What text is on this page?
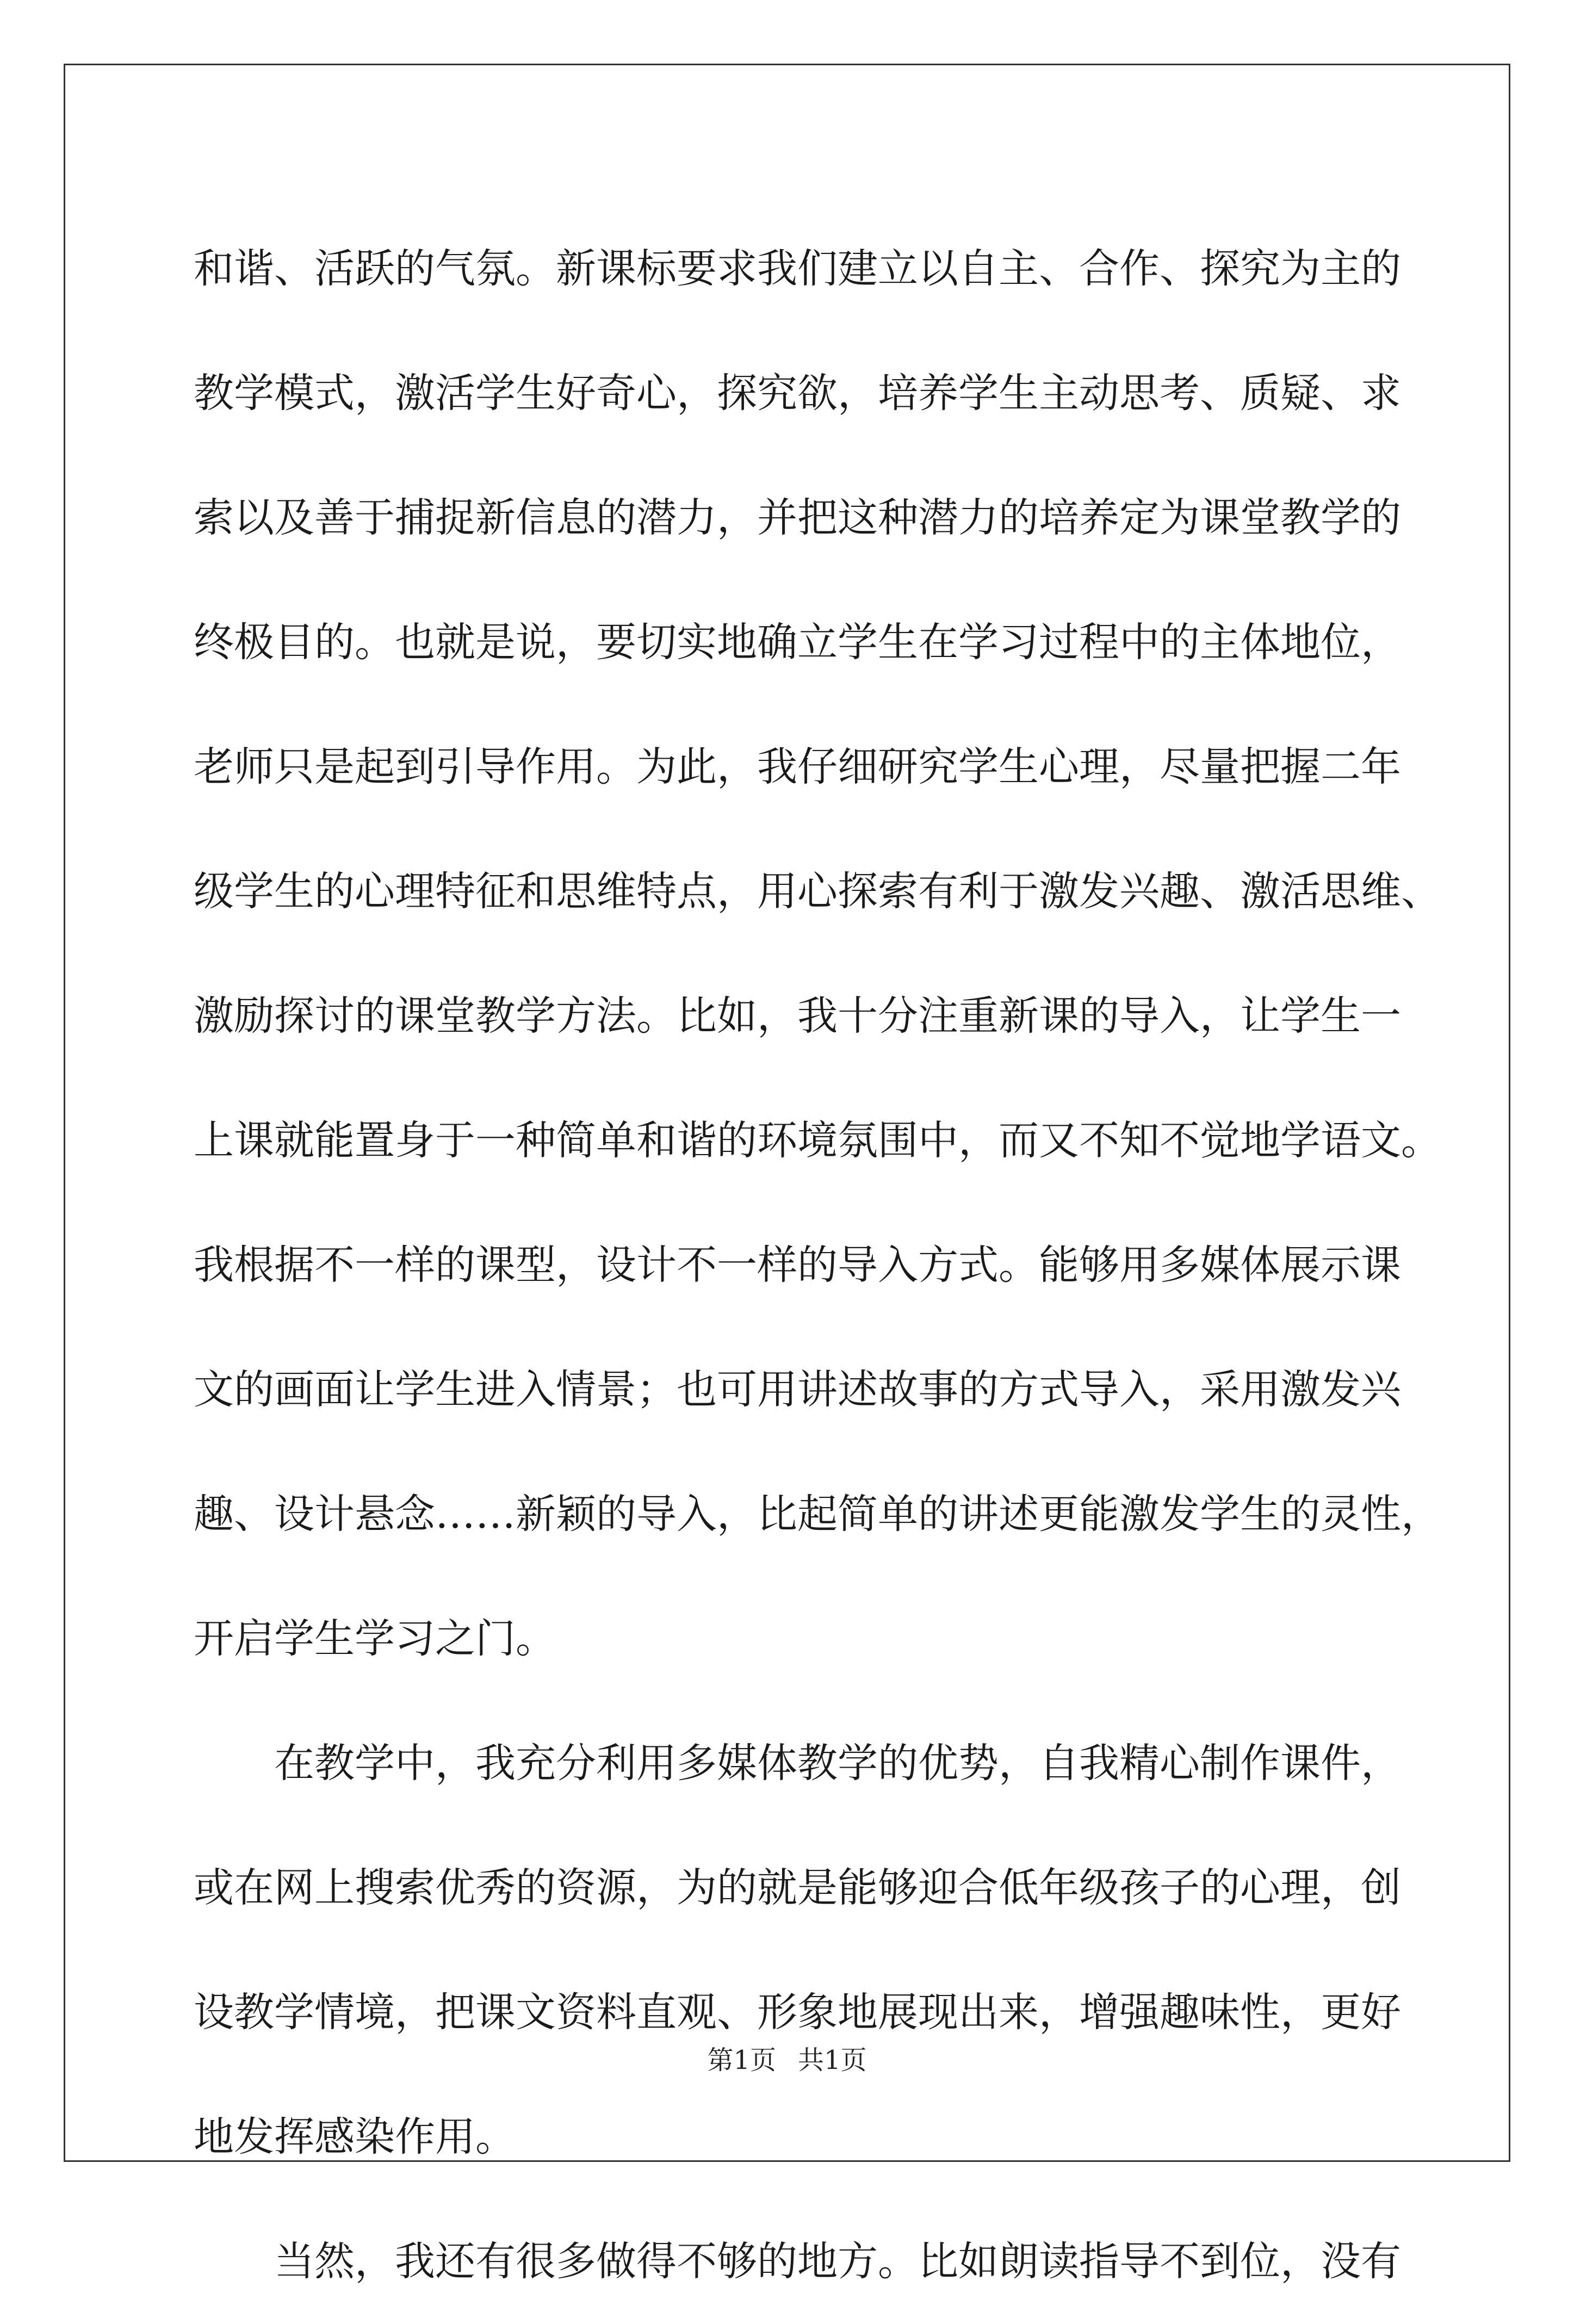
和谐、活跃的气氛。新课标要求我们建立以自主、合作、探究为主的
教学模式，激活学生好奇心，探究欲，培养学生主动思考、质疑、求
索以及善于捕捉新信息的潜力，并把这种潜力的培养定为课堂教学的
终极目的。也就是说，要切实地确立学生在学习过程中的主体地位，
老师只是起到引导作用。为此，我仔细研究学生心理，尽量把握二年
级学生的心理特征和思维特点，用心探索有利于激发兴趣、激活思维、
激励探讨的课堂教学方法。比如，我十分注重新课的导入，让学生一
上课就能置身于一种简单和谐的环境氛围中，而又不知不觉地学语文。
我根据不一样的课型，设计不一样的导入方式。能够用多媒体展示课
文的画面让学生进入情景；也可用讲述故事的方式导入，采用激发兴
趣、设计悬念……新颖的导入，比起简单的讲述更能激发学生的灵性，
开启学生学习之门。
在教学中，我充分利用多媒体教学的优势，自我精心制作课件，
或在网上搜索优秀的资源，为的就是能够迎合低年级孩子的心理，创
设教学情境，把课文资料直观、形象地展现出来，增强趣味性，更好
地发挥感染作用。
当然，我还有很多做得不够的地方。比如朗读指导不到位，没有
第1页 共1页
